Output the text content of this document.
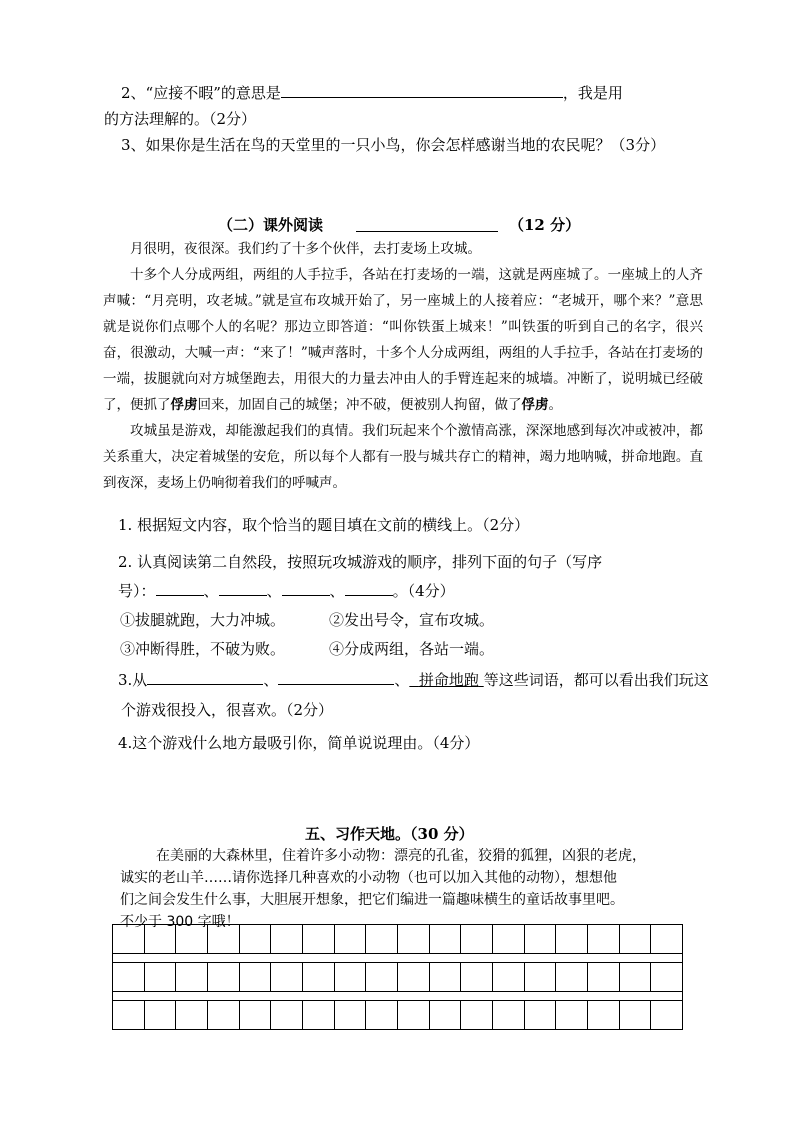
2、“应接不暇”的意思是	，我是用
的方法理解的。（2分）
3、如果你是生活在鸟的天堂里的一只小鸟，你会怎样感谢当地的农民呢？（3分）
（二）课外阅读	（12 分）

月很明，夜很深。我们约了十多个伙伴，去打麦场上攻城。

十多个人分成两组，两组的人手拉手，各站在打麦场的一端，这就是两座城了。一座城上的人齐声喊：“月亮明，攻老城。”就是宣布攻城开始了，另一座城上的人接着应：“老城开，哪个来？”意思就是说你们点哪个人的名呢？那边立即答道：“叫你铁蛋上城来！”叫铁蛋的听到自己的名字，很兴奋，很激动，大喊一声：“来了！”喊声落时，十多个人分成两组，两组的人手拉手，各站在打麦场的一端，拔腿就向对方城堡跑去，用很大的力量去冲由人的手臂连起来的城墙。冲断了，说明城已经破了，便抓了俘虏回来，加固自己的城堡；冲不破，便被别人拘留，做了俘虏。

攻城虽是游戏，却能激起我们的真情。我们玩起来个个激情高涨，深深地感到每次冲或被冲，都关系重大，决定着城堡的安危，所以每个人都有一股与城共存亡的精神，竭力地呐喊，拼命地跑。直到夜深，麦场上仍响彻着我们的呼喊声。

1. 根据短文内容，取个恰当的题目填在文前的横线上。（2分）
2. 认真阅读第二自然段，按照玩攻城游戏的顺序，排列下面的句子（写序
号）：	、	、	、	。（4分）
①拔腿就跑，大力冲城。	②发出号令，宣布攻城。
③冲断得胜，不破为败。	④分成两组，各站一端。
3.从	、	、 拼命地跑 等这些词语，都可以看出我们玩这
个游戏很投入，很喜欢。（2分）
4.这个游戏什么地方最吸引你，简单说说理由。（4分）
五、习作天地。（30 分）

在美丽的大森林里，住着许多小动物：漂亮的孔雀，狡猾的狐狸，凶狠的老虎，

诚实的老山羊……请你选择几种喜欢的小动物（也可以加入其他的动物），想想他

们之间会发生什么事，大胆展开想象，把它们编进一篇趣味横生的童话故事里吧。

不少于 300 字哦！
